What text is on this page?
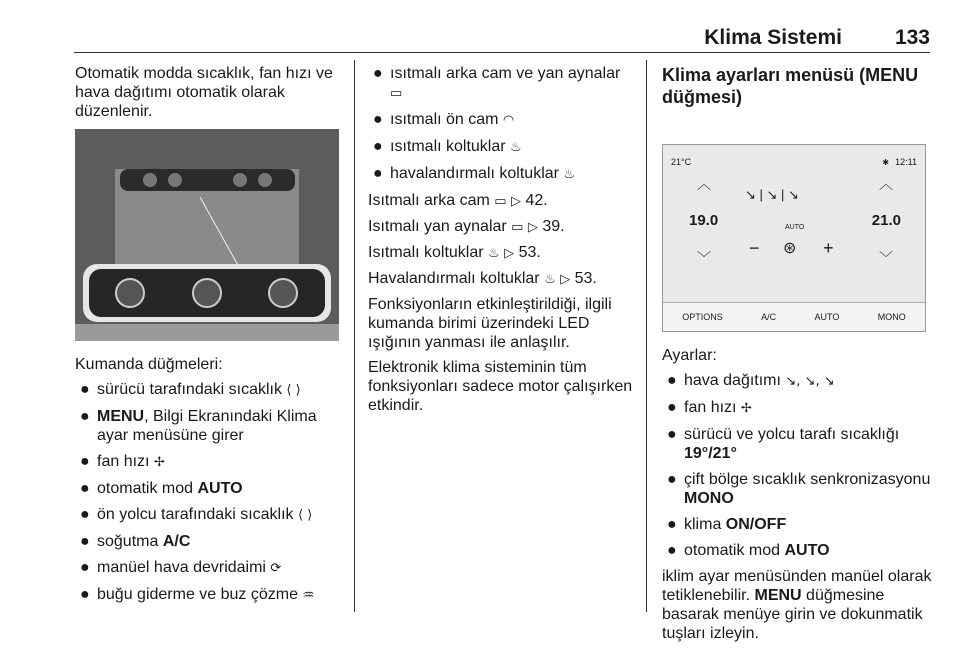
Klima Sistemi	133

Otomatik modda sıcaklık, fan hızı ve hava dağıtımı otomatik olarak düzenlenir.

Kumanda düğmeleri:

● sürücü tarafındaki sıcaklık ⟨ ⟩
● MENU, Bilgi Ekranındaki Klima ayar menüsüne girer
● fan hızı ✢
● otomatik mod AUTO
● ön yolcu tarafındaki sıcaklık ⟨ ⟩
● soğutma A/C
● manüel hava devridaimi ⟳
● buğu giderme ve buz çözme ♒
● ısıtmalı arka cam ve yan aynalar
▭
● ısıtmalı ön cam ◠
● ısıtmalı koltuklar ♨
● havalandırmalı koltuklar ♨

Isıtmalı arka cam ▭ ▷ 42.

Isıtmalı yan aynalar ▭ ▷ 39.

Isıtmalı koltuklar ♨ ▷ 53.

Havalandırmalı koltuklar ♨ ▷ 53.

Fonksiyonların etkinleştirildiği, ilgili kumanda birimi üzerindeki LED ışığının yanması ile anlaşılır.

Elektronik klima sisteminin tüm fonksiyonları sadece motor çalışırken etkindir.

Klima ayarları menüsü (MENU düğmesi)
21°C	✱ 12:11
︿
19.0
﹀
︿
21.0
﹀
↘ | ↘ | ↘
AUTO
− ⊛ +
OPTIONS	A/C	AUTO	MONO

Ayarlar:

● hava dağıtımı ↘, ↘, ↘
● fan hızı ✢
● sürücü ve yolcu tarafı sıcaklığı 19°/21°
● çift bölge sıcaklık senkronizasyonu MONO
● klima ON/OFF
● otomatik mod AUTO

iklim ayar menüsünden manüel olarak tetiklenebilir. MENU düğmesine basarak menüye girin ve dokunmatik tuşları izleyin.
